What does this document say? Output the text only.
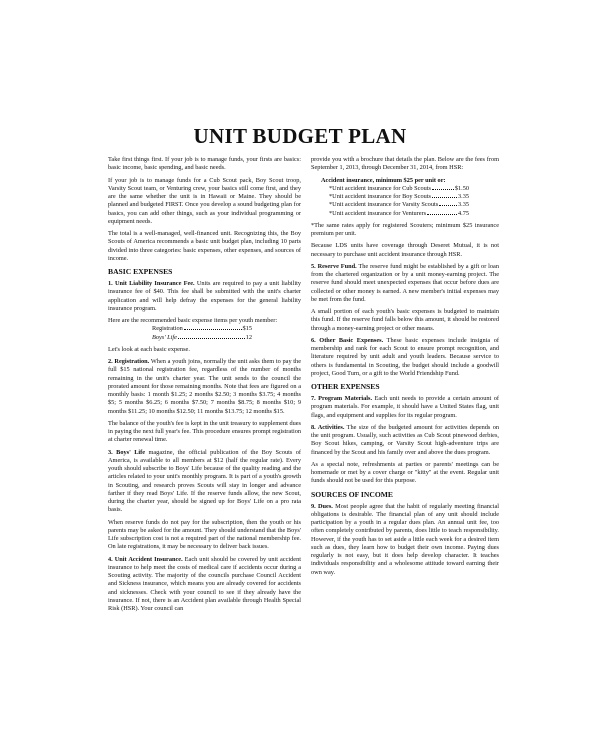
UNIT BUDGET PLAN

Take first things first. If your job is to manage funds, your firsts are basics: basic income, basic spending, and basic needs.

If your job is to manage funds for a Cub Scout pack, Boy Scout troop, Varsity Scout team, or Venturing crew, your basics still come first, and they are the same whether the unit is in Hawaii or Maine. They should be planned and budgeted FIRST. Once you develop a sound budgeting plan for basics, you can add other things, such as your individual programming or equipment needs.

The total is a well-managed, well-financed unit. Recognizing this, the Boy Scouts of America recommends a basic unit budget plan, including 10 parts divided into three categories: basic expenses, other expenses, and sources of income.

BASIC EXPENSES

1. Unit Liability Insurance Fee. Units are required to pay a unit liability insurance fee of $40. This fee shall be submitted with the unit's charter application and will help defray the expenses for the general liability insurance program.

Here are the recommended basic expense items per youth member:

Registration	$15
Boys' Life	12

Let's look at each basic expense.

2. Registration. When a youth joins, normally the unit asks them to pay the full $15 national registration fee, regardless of the number of months remaining in the unit's charter year. The unit sends to the council the prorated amount for those remaining months. Note that fees are figured on a monthly basis: 1 month $1.25; 2 months $2.50; 3 months $3.75; 4 months $5; 5 months $6.25; 6 months $7.50; 7 months $8.75; 8 months $10; 9 months $11.25; 10 months $12.50; 11 months $13.75; 12 months $15.

The balance of the youth's fee is kept in the unit treasury to supplement dues in paying the next full year's fee. This procedure ensures prompt registration at charter renewal time.

3. Boys' Life magazine, the official publication of the Boy Scouts of America, is available to all members at $12 (half the regular rate). Every youth should subscribe to Boys' Life because of the quality reading and the articles related to your unit's monthly program. It is part of a youth's growth in Scouting, and research proves Scouts will stay in longer and advance farther if they read Boys' Life. If the reserve funds allow, the new Scout, during the charter year, should be signed up for Boys' Life on a pro rata basis.

When reserve funds do not pay for the subscription, then the youth or his parents may be asked for the amount. They should understand that the Boys' Life subscription cost is not a required part of the national membership fee. On late registrations, it may be necessary to deliver back issues.

4. Unit Accident Insurance. Each unit should be covered by unit accident insurance to help meet the costs of medical care if accidents occur during a Scouting activity. The majority of the councils purchase Council Accident and Sickness insurance, which means you are already covered for accidents and sicknesses. Check with your council to see if they already have the insurance. If not, there is an Accident plan available through Health Special Risk (HSR). Your council can

provide you with a brochure that details the plan. Below are the fees from September 1, 2013, through December 31, 2014, from HSR:

Accident insurance, minimum $25 per unit or:
*Unit accident insurance for Cub Scouts	$1.50
*Unit accident insurance for Boy Scouts	3.35
*Unit accident insurance for Varsity Scouts	3.35
*Unit accident insurance for Venturers	4.75

*The same rates apply for registered Scouters; minimum $25 insurance premium per unit.

Because LDS units have coverage through Deseret Mutual, it is not necessary to purchase unit accident insurance through HSR.

5. Reserve Fund. The reserve fund might be established by a gift or loan from the chartered organization or by a unit money-earning project. The reserve fund should meet unexpected expenses that occur before dues are collected or other money is earned. A new member's initial expenses may be met from the fund.

A small portion of each youth's basic expenses is budgeted to maintain this fund. If the reserve fund falls below this amount, it should be restored through a money-earning project or other means.

6. Other Basic Expenses. These basic expenses include insignia of membership and rank for each Scout to ensure prompt recognition, and literature required by unit adult and youth leaders. Because service to others is fundamental in Scouting, the budget should include a goodwill project, Good Turn, or a gift to the World Friendship Fund.

OTHER EXPENSES

7. Program Materials. Each unit needs to provide a certain amount of program materials. For example, it should have a United States flag, unit flags, and equipment and supplies for its regular program.

8. Activities. The size of the budgeted amount for activities depends on the unit program. Usually, such activities as Cub Scout pinewood derbies, Boy Scout hikes, camping, or Varsity Scout high-adventure trips are financed by the Scout and his family over and above the dues program.

As a special note, refreshments at parties or parents' meetings can be homemade or met by a cover charge or "kitty" at the event. Regular unit funds should not be used for this purpose.

SOURCES OF INCOME

9. Dues. Most people agree that the habit of regularly meeting financial obligations is desirable. The financial plan of any unit should include participation by a youth in a regular dues plan. An annual unit fee, too often completely contributed by parents, does little to teach responsibility. However, if the youth has to set aside a little each week for a desired item such as dues, they learn how to budget their own income. Paying dues regularly is not easy, but it does help develop character. It teaches individuals responsibility and a wholesome attitude toward earning their own way.
